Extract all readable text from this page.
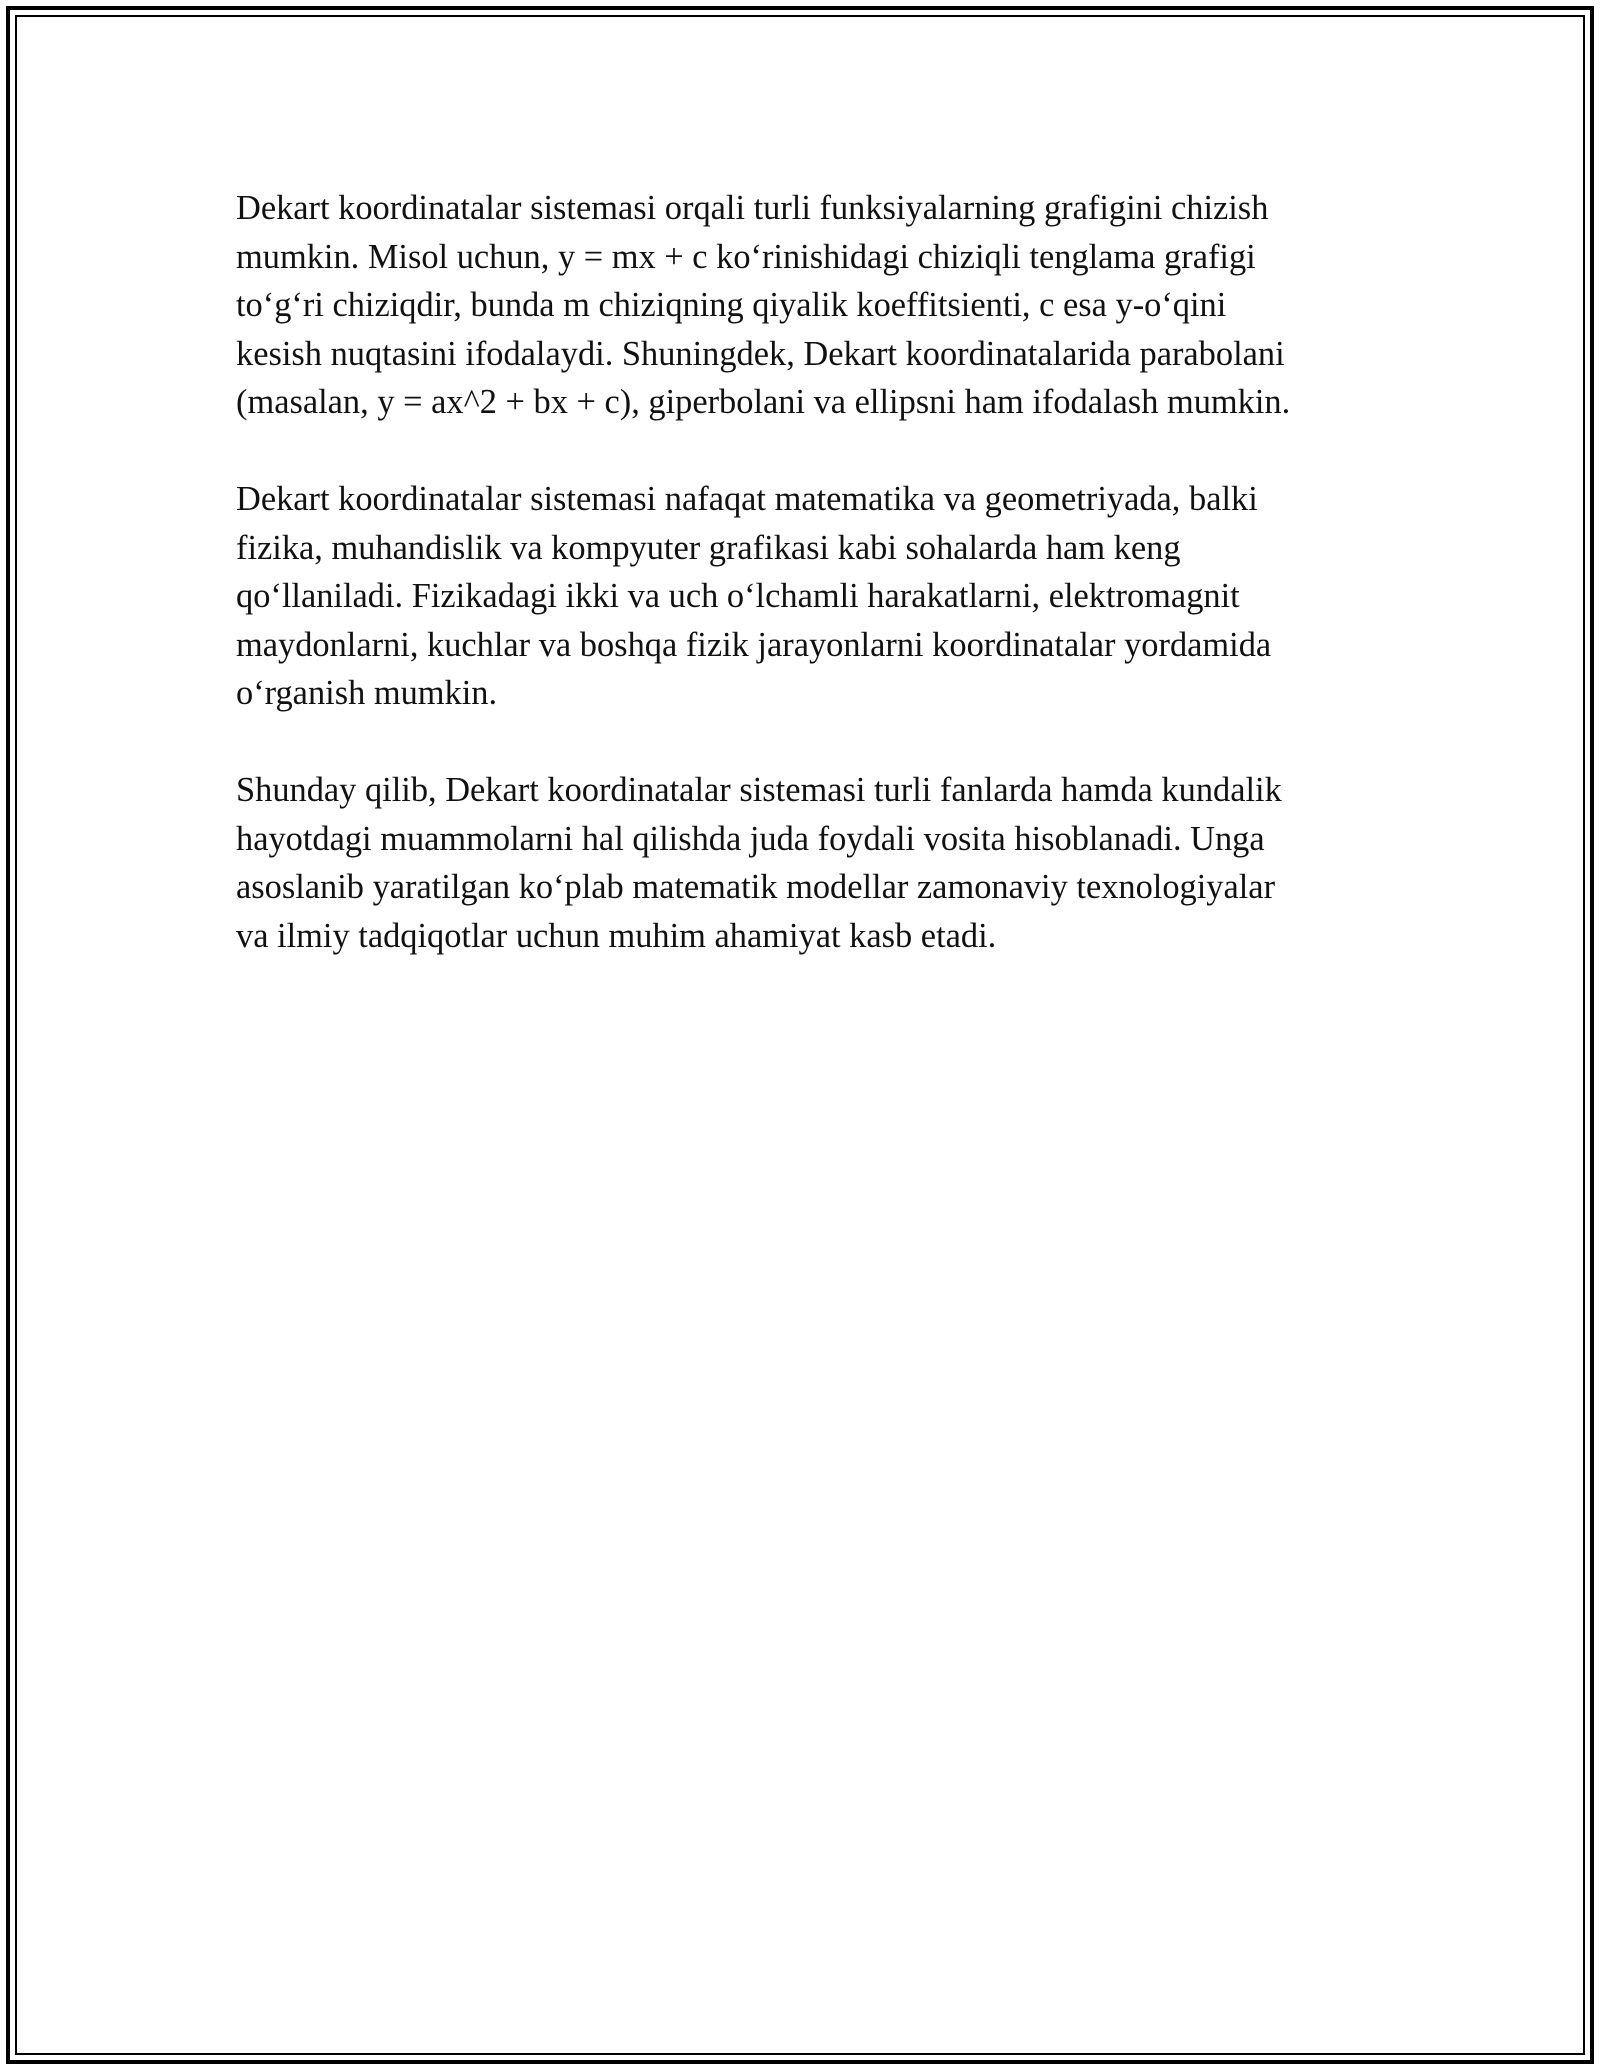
Dekart koordinatalar sistemasi orqali turli funksiyalarning grafigini chizish
mumkin. Misol uchun, y = mx + c ko‘rinishidagi chiziqli tenglama grafigi
to‘g‘ri chiziqdir, bunda m chiziqning qiyalik koeffitsienti, c esa y-o‘qini
kesish nuqtasini ifodalaydi. Shuningdek, Dekart koordinatalarida parabolani
(masalan, y = ax^2 + bx + c), giperbolani va ellipsni ham ifodalash mumkin.

Dekart koordinatalar sistemasi nafaqat matematika va geometriyada, balki
fizika, muhandislik va kompyuter grafikasi kabi sohalarda ham keng
qo‘llaniladi. Fizikadagi ikki va uch o‘lchamli harakatlarni, elektromagnit
maydonlarni, kuchlar va boshqa fizik jarayonlarni koordinatalar yordamida
o‘rganish mumkin.

Shunday qilib, Dekart koordinatalar sistemasi turli fanlarda hamda kundalik
hayotdagi muammolarni hal qilishda juda foydali vosita hisoblanadi. Unga
asoslanib yaratilgan ko‘plab matematik modellar zamonaviy texnologiyalar
va ilmiy tadqiqotlar uchun muhim ahamiyat kasb etadi.
